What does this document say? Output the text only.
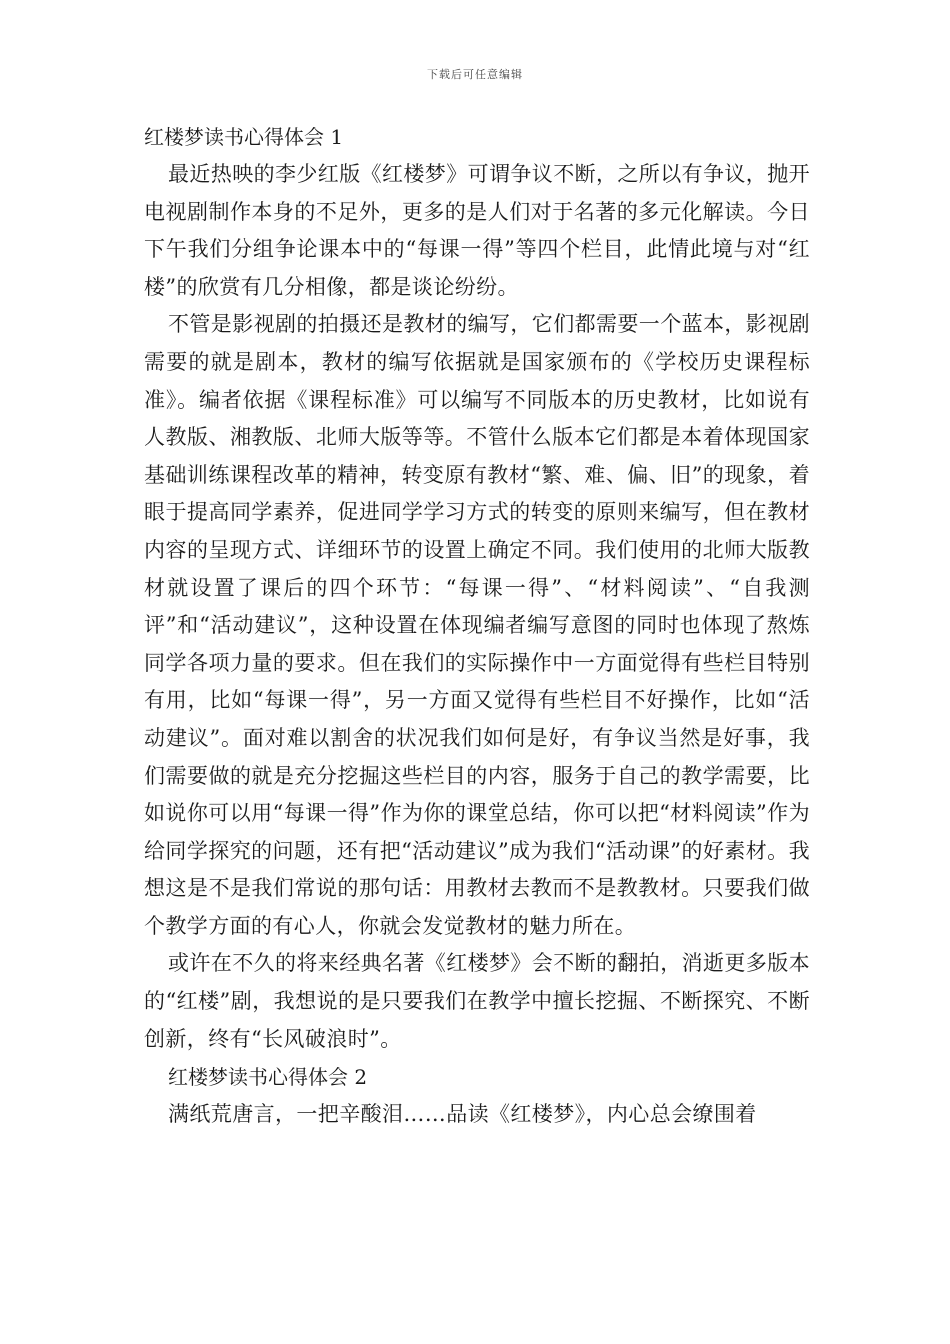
下载后可任意编辑
红楼梦读书心得体会 1

最近热映的李少红版《红楼梦》可谓争议不断，之所以有争议，抛开电视剧制作本身的不足外，更多的是人们对于名著的多元化解读。今日下午我们分组争论课本中的“每课一得”等四个栏目，此情此境与对“红楼”的欣赏有几分相像，都是谈论纷纷。

不管是影视剧的拍摄还是教材的编写，它们都需要一个蓝本，影视剧需要的就是剧本，教材的编写依据就是国家颁布的《学校历史课程标准》。编者依据《课程标准》可以编写不同版本的历史教材，比如说有人教版、湘教版、北师大版等等。不管什么版本它们都是本着体现国家基础训练课程改革的精神，转变原有教材“繁、难、偏、旧”的现象，着眼于提高同学素养，促进同学学习方式的转变的原则来编写，但在教材内容的呈现方式、详细环节的设置上确定不同。我们使用的北师大版教材就设置了课后的四个环节：“每课一得”、“材料阅读”、“自我测评”和“活动建议”，这种设置在体现编者编写意图的同时也体现了熬炼同学各项力量的要求。但在我们的实际操作中一方面觉得有些栏目特别有用，比如“每课一得”，另一方面又觉得有些栏目不好操作，比如“活动建议”。面对难以割舍的状况我们如何是好，有争议当然是好事，我们需要做的就是充分挖掘这些栏目的内容，服务于自己的教学需要，比如说你可以用“每课一得”作为你的课堂总结，你可以把“材料阅读”作为给同学探究的问题，还有把“活动建议”成为我们“活动课”的好素材。我想这是不是我们常说的那句话：用教材去教而不是教教材。只要我们做个教学方面的有心人，你就会发觉教材的魅力所在。

或许在不久的将来经典名著《红楼梦》会不断的翻拍，消逝更多版本的“红楼”剧，我想说的是只要我们在教学中擅长挖掘、不断探究、不断创新，终有“长风破浪时”。

红楼梦读书心得体会 2

满纸荒唐言，一把辛酸泪……品读《红楼梦》，内心总会缭围着
